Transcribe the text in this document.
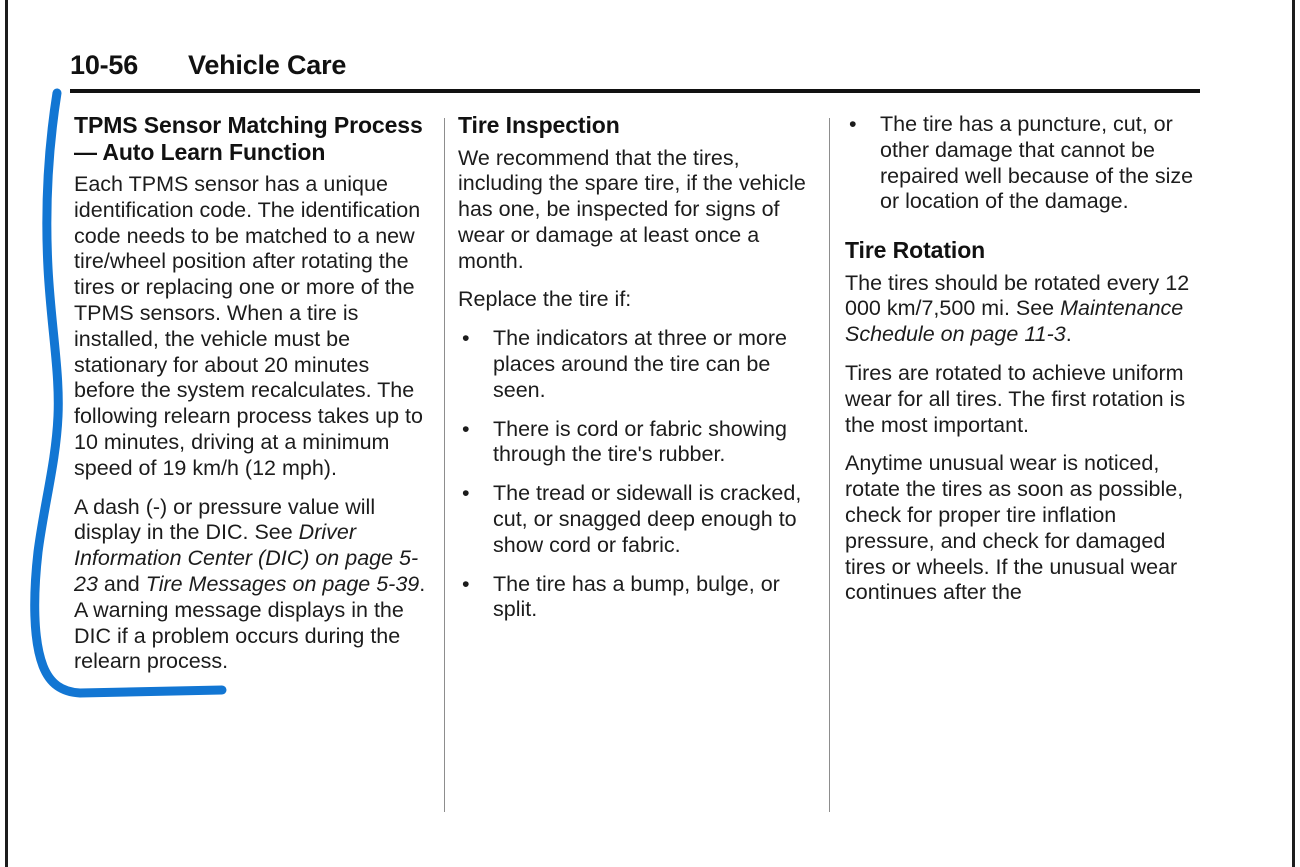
10-56	Vehicle Care
TPMS Sensor Matching Process — Auto Learn Function

Each TPMS sensor has a unique identification code. The identification code needs to be matched to a new tire/wheel position after rotating the tires or replacing one or more of the TPMS sensors. When a tire is installed, the vehicle must be stationary for about 20 minutes before the system recalculates. The following relearn process takes up to 10 minutes, driving at a minimum speed of 19 km/h (12 mph).

A dash (-) or pressure value will display in the DIC. See Driver Information Center (DIC) on page 5-23 and Tire Messages on page 5-39. A warning message displays in the DIC if a problem occurs during the relearn process.

Tire Inspection

We recommend that the tires, including the spare tire, if the vehicle has one, be inspected for signs of wear or damage at least once a month.

Replace the tire if:

• The indicators at three or more places around the tire can be seen.
• There is cord or fabric showing through the tire's rubber.
• The tread or sidewall is cracked, cut, or snagged deep enough to show cord or fabric.
• The tire has a bump, bulge, or split.
• The tire has a puncture, cut, or other damage that cannot be repaired well because of the size or location of the damage.
Tire Rotation

The tires should be rotated every 12 000 km/7,500 mi. See Maintenance Schedule on page 11-3.

Tires are rotated to achieve uniform wear for all tires. The first rotation is the most important.

Anytime unusual wear is noticed, rotate the tires as soon as possible, check for proper tire inflation pressure, and check for damaged tires or wheels. If the unusual wear continues after the
